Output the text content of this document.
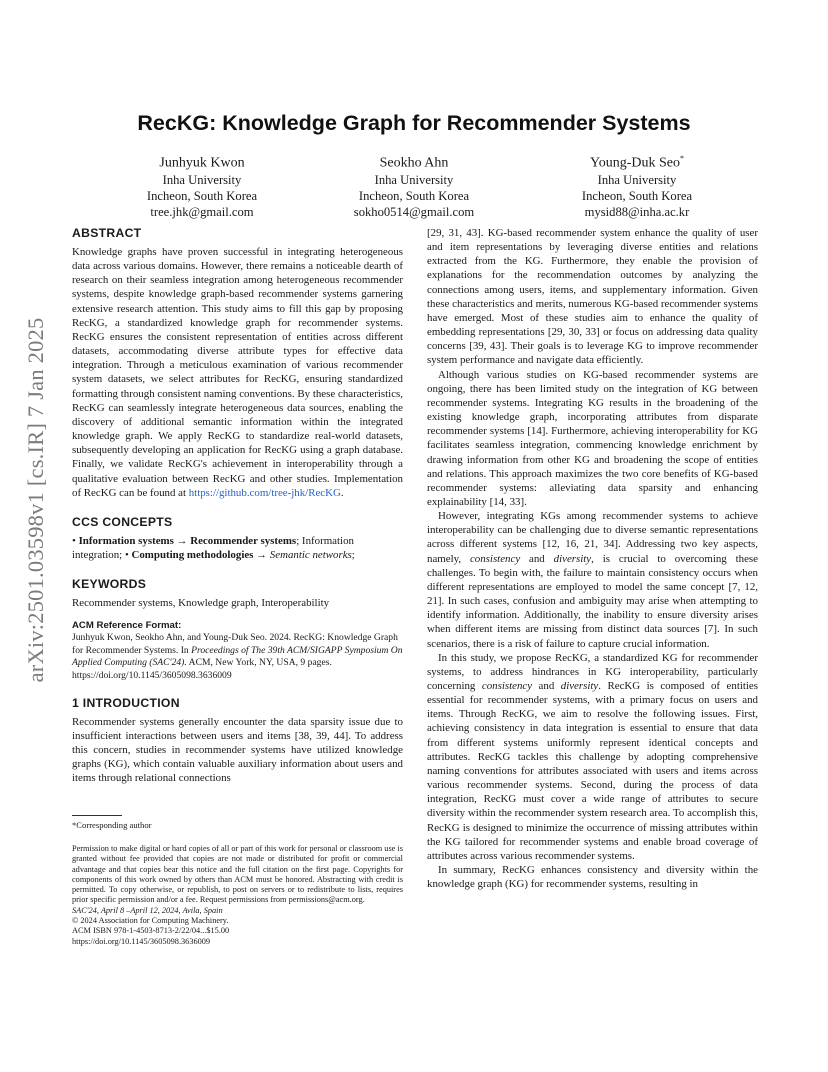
arXiv:2501.03598v1 [cs.IR] 7 Jan 2025
RecKG: Knowledge Graph for Recommender Systems
Junhyuk Kwon
Inha University
Incheon, South Korea
tree.jhk@gmail.com
Seokho Ahn
Inha University
Incheon, South Korea
sokho0514@gmail.com
Young-Duk Seo*
Inha University
Incheon, South Korea
mysid88@inha.ac.kr
ABSTRACT

Knowledge graphs have proven successful in integrating heterogeneous data across various domains. However, there remains a noticeable dearth of research on their seamless integration among heterogeneous recommender systems, despite knowledge graph-based recommender systems garnering extensive research attention. This study aims to fill this gap by proposing RecKG, a standardized knowledge graph for recommender systems. RecKG ensures the consistent representation of entities across different datasets, accommodating diverse attribute types for effective data integration. Through a meticulous examination of various recommender system datasets, we select attributes for RecKG, ensuring standardized formatting through consistent naming conventions. By these characteristics, RecKG can seamlessly integrate heterogeneous data sources, enabling the discovery of additional semantic information within the integrated knowledge graph. We apply RecKG to standardize real-world datasets, subsequently developing an application for RecKG using a graph database. Finally, we validate RecKG's achievement in interoperability through a qualitative evaluation between RecKG and other studies. Implementation of RecKG can be found at https://github.com/tree-jhk/RecKG.

CCS CONCEPTS

• Information systems → Recommender systems; Information integration; • Computing methodologies → Semantic networks;

KEYWORDS

Recommender systems, Knowledge graph, Interoperability

ACM Reference Format:

Junhyuk Kwon, Seokho Ahn, and Young-Duk Seo. 2024. RecKG: Knowledge Graph for Recommender Systems. In Proceedings of The 39th ACM/SIGAPP Symposium On Applied Computing (SAC'24). ACM, New York, NY, USA, 9 pages. https://doi.org/10.1145/3605098.3636009

1 INTRODUCTION

Recommender systems generally encounter the data sparsity issue due to insufficient interactions between users and items [38, 39, 44]. To address this concern, studies in recommender systems have utilized knowledge graphs (KG), which contain valuable auxiliary information about users and items through relational connections

*Corresponding author

Permission to make digital or hard copies of all or part of this work for personal or classroom use is granted without fee provided that copies are not made or distributed for profit or commercial advantage and that copies bear this notice and the full citation on the first page. Copyrights for components of this work owned by others than ACM must be honored. Abstracting with credit is permitted. To copy otherwise, or republish, to post on servers or to redistribute to lists, requires prior specific permission and/or a fee. Request permissions from permissions@acm.org.

SAC'24, April 8 –April 12, 2024, Avila, Spain

© 2024 Association for Computing Machinery.

ACM ISBN 978-1-4503-8713-2/22/04...$15.00

https://doi.org/10.1145/3605098.3636009

[29, 31, 43]. KG-based recommender system enhance the quality of user and item representations by leveraging diverse entities and relations extracted from the KG. Furthermore, they enable the provision of explanations for the recommendation outcomes by analyzing the connections among users, items, and supplementary information. Given these characteristics and merits, numerous KG-based recommender systems have emerged. Most of these studies aim to enhance the quality of embedding representations [29, 30, 33] or focus on addressing data quality concerns [39, 43]. Their goals is to leverage KG to improve recommender system performance and navigate data efficiently.

Although various studies on KG-based recommender systems are ongoing, there has been limited study on the integration of KG between recommender systems. Integrating KG results in the broadening of the existing knowledge graph, incorporating attributes from disparate recommender systems [14]. Furthermore, achieving interoperability for KG facilitates seamless integration, commencing knowledge enrichment by drawing information from other KG and broadening the scope of entities and relations. This approach maximizes the two core benefits of KG-based recommender systems: alleviating data sparsity and enhancing explainability [14, 33].

However, integrating KGs among recommender systems to achieve interoperability can be challenging due to diverse semantic representations across different systems [12, 16, 21, 34]. Addressing two key aspects, namely, consistency and diversity, is crucial to overcoming these challenges. To begin with, the failure to maintain consistency occurs when different representations are employed to model the same concept [7, 12, 21]. In such cases, confusion and ambiguity may arise when attempting to identify information. Additionally, the inability to ensure diversity arises when different items are missing from distinct data sources [7]. In such scenarios, there is a risk of failure to capture crucial information.

In this study, we propose RecKG, a standardized KG for recommender systems, to address hindrances in KG interoperability, particularly concerning consistency and diversity. RecKG is composed of entities essential for recommender systems, with a primary focus on users and items. Through RecKG, we aim to resolve the following issues. First, achieving consistency in data integration is essential to ensure that data from different systems uniformly represent identical concepts and attributes. RecKG tackles this challenge by adopting comprehensive naming conventions for attributes associated with users and items across various recommender systems. Second, during the process of data integration, RecKG must cover a wide range of attributes to secure diversity within the recommender system research area. To accomplish this, RecKG is designed to minimize the occurrence of missing attributes within the KG tailored for recommender systems and enable broad coverage of attributes across various recommender systems.

In summary, RecKG enhances consistency and diversity within the knowledge graph (KG) for recommender systems, resulting in
